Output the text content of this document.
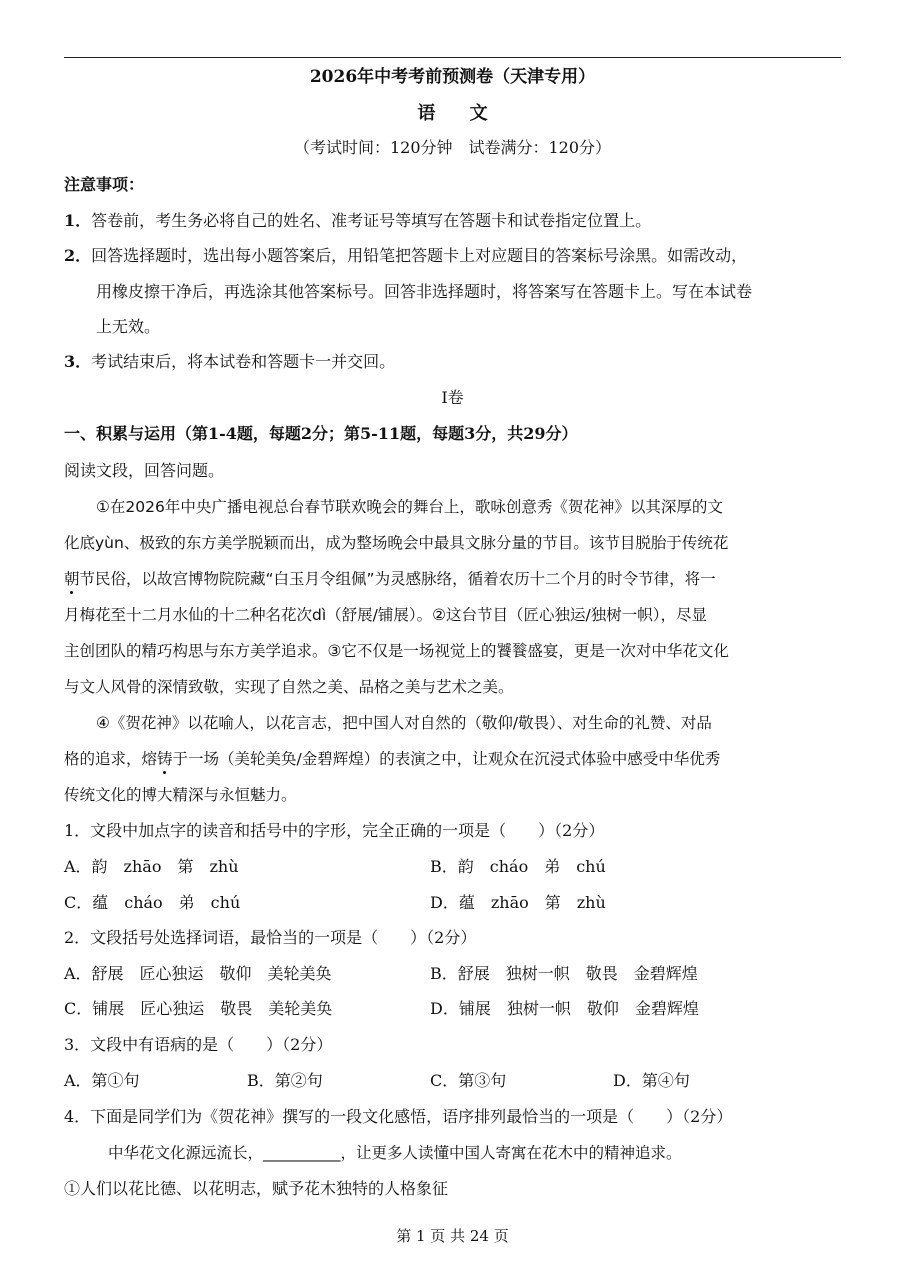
2026年中考考前预测卷（天津专用）
语 文
（考试时间：120分钟　试卷满分：120分）
注意事项：
1．答卷前，考生务必将自己的姓名、准考证号等填写在答题卡和试卷指定位置上。
2．回答选择题时，选出每小题答案后，用铅笔把答题卡上对应题目的答案标号涂黑。如需改动，
用橡皮擦干净后，再选涂其他答案标号。回答非选择题时，将答案写在答题卡上。写在本试卷
上无效。
3．考试结束后，将本试卷和答题卡一并交回。
Ⅰ卷
一、积累与运用（第1-4题，每题2分；第5-11题，每题3分，共29分）
阅读文段，回答问题。
①在2026年中央广播电视总台春节联欢晚会的舞台上，歌咏创意秀《贺花神》以其深厚的文
化底yùn、极致的东方美学脱颖而出，成为整场晚会中最具文脉分量的节目。该节目脱胎于传统花
朝节民俗，以故宫博物院院藏“白玉月令组佩”为灵感脉络，循着农历十二个月的时令节律，将一
月梅花至十二月水仙的十二种名花次dì（舒展/铺展）。②这台节目（匠心独运/独树一帜），尽显
主创团队的精巧构思与东方美学追求。③它不仅是一场视觉上的饕餮盛宴，更是一次对中华花文化
与文人风骨的深情致敬，实现了自然之美、品格之美与艺术之美。
④《贺花神》以花喻人，以花言志，把中国人对自然的（敬仰/敬畏）、对生命的礼赞、对品
格的追求，熔铸于一场（美轮美奂/金碧辉煌）的表演之中，让观众在沉浸式体验中感受中华优秀
传统文化的博大精深与永恒魅力。
1．文段中加点字的读音和括号中的字形，完全正确的一项是（　　）（2分）
A．韵　zhāo　第　zhù	B．韵　cháo　弟　chú
C．蕴　cháo　弟　chú	D．蕴　zhāo　第　zhù
2．文段括号处选择词语，最恰当的一项是（　　）（2分）
A．舒展　匠心独运　敬仰　美轮美奂	B．舒展　独树一帜　敬畏　金碧辉煌
C．铺展　匠心独运　敬畏　美轮美奂	D．铺展　独树一帜　敬仰　金碧辉煌
3．文段中有语病的是（　　）（2分）
A．第①句	B．第②句	C．第③句	D．第④句
4．下面是同学们为《贺花神》撰写的一段文化感悟，语序排列最恰当的一项是（　　）（2分）
中华花文化源远流长，__________，让更多人读懂中国人寄寓在花木中的精神追求。
①人们以花比德、以花明志，赋予花木独特的人格象征
第 1 页 共 24 页
